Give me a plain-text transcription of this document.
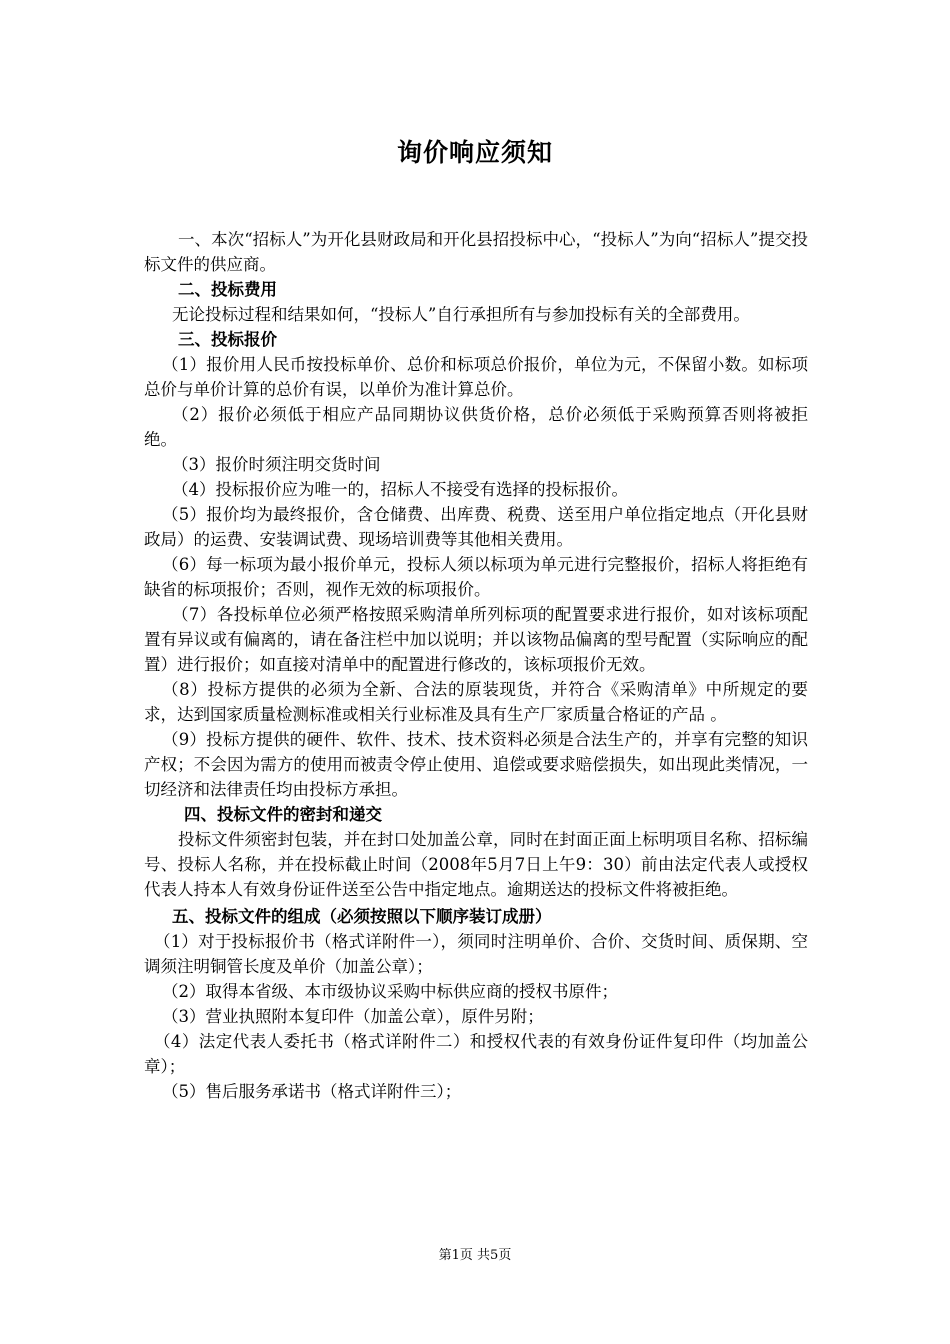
询价响应须知

一、本次“招标人”为开化县财政局和开化县招投标中心，“投标人”为向“招标人”提交投标文件的供应商。

二、投标费用

无论投标过程和结果如何，“投标人”自行承担所有与参加投标有关的全部费用。

三、投标报价

（1）报价用人民币按投标单价、总价和标项总价报价，单位为元，不保留小数。如标项总价与单价计算的总价有误，以单价为准计算总价。

（2）报价必须低于相应产品同期协议供货价格，总价必须低于采购预算否则将被拒绝。

（3）报价时须注明交货时间

（4）投标报价应为唯一的，招标人不接受有选择的投标报价。

（5）报价均为最终报价，含仓储费、出库费、税费、送至用户单位指定地点（开化县财政局）的运费、安装调试费、现场培训费等其他相关费用。

（6）每一标项为最小报价单元，投标人须以标项为单元进行完整报价，招标人将拒绝有缺省的标项报价；否则，视作无效的标项报价。

（7）各投标单位必须严格按照采购清单所列标项的配置要求进行报价，如对该标项配置有异议或有偏离的，请在备注栏中加以说明；并以该物品偏离的型号配置（实际响应的配置）进行报价；如直接对清单中的配置进行修改的，该标项报价无效。

（8）投标方提供的必须为全新、合法的原装现货，并符合《采购清单》中所规定的要求，达到国家质量检测标准或相关行业标准及具有生产厂家质量合格证的产品 。

（9）投标方提供的硬件、软件、技术、技术资料必须是合法生产的，并享有完整的知识产权；不会因为需方的使用而被责令停止使用、追偿或要求赔偿损失，如出现此类情况，一切经济和法律责任均由投标方承担。

四、投标文件的密封和递交

投标文件须密封包装，并在封口处加盖公章，同时在封面正面上标明项目名称、招标编号、投标人名称，并在投标截止时间（2008年5月7日上午9：30）前由法定代表人或授权代表人持本人有效身份证件送至公告中指定地点。逾期送达的投标文件将被拒绝。

五、投标文件的组成（必须按照以下顺序装订成册）

（1）对于投标报价书（格式详附件一），须同时注明单价、合价、交货时间、质保期、空调须注明铜管长度及单价（加盖公章）；

（2）取得本省级、本市级协议采购中标供应商的授权书原件；

（3）营业执照附本复印件（加盖公章），原件另附；

（4）法定代表人委托书（格式详附件二）和授权代表的有效身份证件复印件（均加盖公章）；

（5）售后服务承诺书（格式详附件三）；

第1页 共5页
